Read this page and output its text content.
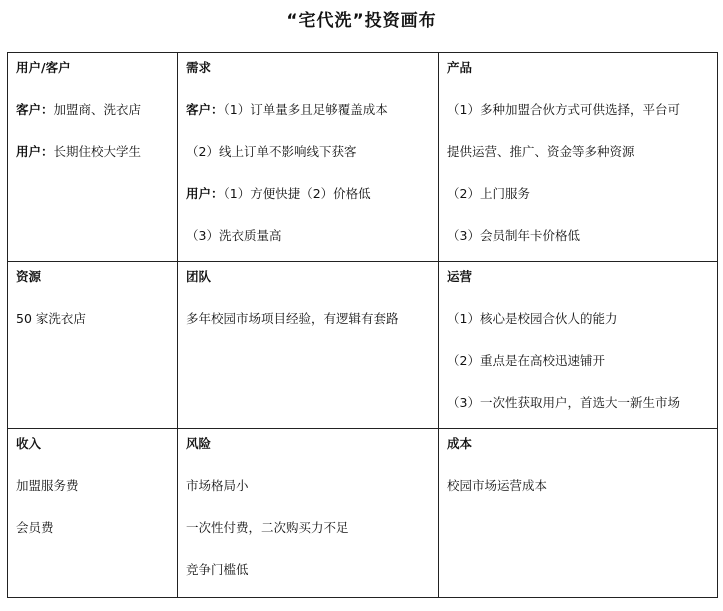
“宅代洗”投资画布
用户/客户
客户：加盟商、洗衣店
用户：长期住校大学生	需求
客户：（1）订单量多且足够覆盖成本
（2）线上订单不影响线下获客
用户：（1）方便快捷（2）价格低
（3）洗衣质量高	产品
（1）多种加盟合伙方式可供选择，平台可
提供运营、推广、资金等多种资源
（2）上门服务
（3）会员制年卡价格低

资源
50 家洗衣店	团队
多年校园市场项目经验，有逻辑有套路	运营
（1）核心是校园合伙人的能力
（2）重点是在高校迅速铺开
（3）一次性获取用户，首选大一新生市场

收入
加盟服务费
会员费	风险
市场格局小
一次性付费，二次购买力不足
竞争门槛低	成本
校园市场运营成本
